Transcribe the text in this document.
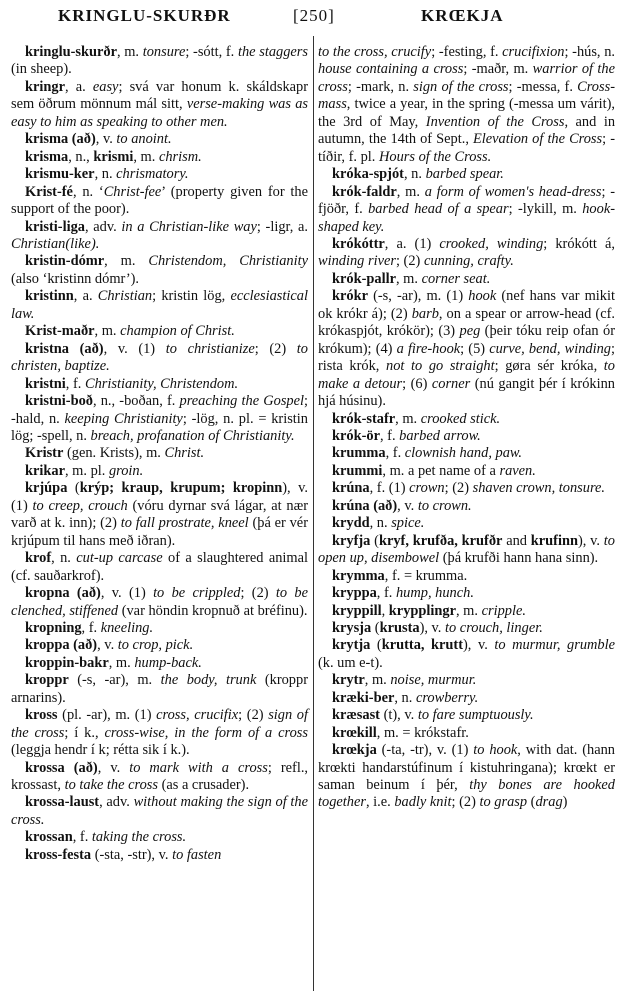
KRINGLU-SKURÐR	[250]	KRŒKJA

kringlu-skurðr, m. tonsure; -sótt, f. the staggers (in sheep).

kringr, a. easy; svá var honum k. skáldskapr sem öðrum mönnum mál sitt, verse-making was as easy to him as speaking to other men.

krisma (að), v. to anoint.

krisma, n., krismi, m. chrism.

krismu-ker, n. chrismatory.

Krist-fé, n. ‘Christ-fee’ (property given for the support of the poor).

kristi-liga, adv. in a Christian-like way; -ligr, a. Christian(like).

kristin-dómr, m. Christendom, Christianity (also ‘kristinn dómr’).

kristinn, a. Christian; kristin lög, ecclesiastical law.

Krist-maðr, m. champion of Christ.

kristna (að), v. (1) to christianize; (2) to christen, baptize.

kristni, f. Christianity, Christendom.

kristni-boð, n., -boðan, f. preaching the Gospel; -hald, n. keeping Christianity; -lög, n. pl. = kristin lög; -spell, n. breach, profanation of Christianity.

Kristr (gen. Krists), m. Christ.

krikar, m. pl. groin.

krjúpa (krýp; kraup, krupum; kropinn), v. (1) to creep, crouch (vóru dyrnar svá lágar, at nær varð at k. inn); (2) to fall prostrate, kneel (þá er vér krjúpum til hans með iðran).

krof, n. cut-up carcase of a slaughtered animal (cf. sauðarkrof).

kropna (að), v. (1) to be crippled; (2) to be clenched, stiffened (var höndin kropnuð at bréfinu).

kropning, f. kneeling.

kroppa (að), v. to crop, pick.

kroppin-bakr, m. hump-back.

kroppr (-s, -ar), m. the body, trunk (kroppr arnarins).

kross (pl. -ar), m. (1) cross, crucifix; (2) sign of the cross; í k., cross-wise, in the form of a cross (leggja hendr í k; rétta sik í k.).

krossa (að), v. to mark with a cross; refl., krossast, to take the cross (as a crusader).

krossa-laust, adv. without making the sign of the cross.

krossan, f. taking the cross.

kross-festa (-sta, -str), v. to fasten

to the cross, crucify; -festing, f. crucifixion; -hús, n. house containing a cross; -maðr, m. warrior of the cross; -mark, n. sign of the cross; -messa, f. Cross-mass, twice a year, in the spring (-messa um várit), the 3rd of May, Invention of the Cross, and in autumn, the 14th of Sept., Elevation of the Cross; -tíðir, f. pl. Hours of the Cross.

króka-spjót, n. barbed spear.

krók-faldr, m. a form of women's head-dress; -fjöðr, f. barbed head of a spear; -lykill, m. hook-shaped key.

krókóttr, a. (1) crooked, winding; krókótt á, winding river; (2) cunning, crafty.

krók-pallr, m. corner seat.

krókr (-s, -ar), m. (1) hook (nef hans var mikit ok krókr á); (2) barb, on a spear or arrow-head (cf. krókaspjót, krókör); (3) peg (þeir tóku reip ofan ór krókum); (4) a fire-hook; (5) curve, bend, winding; rista krók, not to go straight; gøra sér króka, to make a detour; (6) corner (nú gangit þér í krókinn hjá húsinu).

krók-stafr, m. crooked stick.

krók-ör, f. barbed arrow.

krumma, f. clownish hand, paw.

krummi, m. a pet name of a raven.

krúna, f. (1) crown; (2) shaven crown, tonsure.

krúna (að), v. to crown.

krydd, n. spice.

kryfja (kryf, krufða, krufðr and krufinn), v. to open up, disembowel (þá krufði hann hana sinn).

krymma, f. = krumma.

kryppa, f. hump, hunch.

kryppill, krypplingr, m. cripple.

krysja (krusta), v. to crouch, linger.

krytja (krutta, krutt), v. to murmur, grumble (k. um e-t).

krytr, m. noise, murmur.

kræki-ber, n. crowberry.

kræsast (t), v. to fare sumptuously.

krœkill, m. = krókstafr.

krœkja (-ta, -tr), v. (1) to hook, with dat. (hann krœkti handarstúfinum í kistuhringana); krœkt er saman beinum í þér, thy bones are hooked together, i.e. badly knit; (2) to grasp (drag)
